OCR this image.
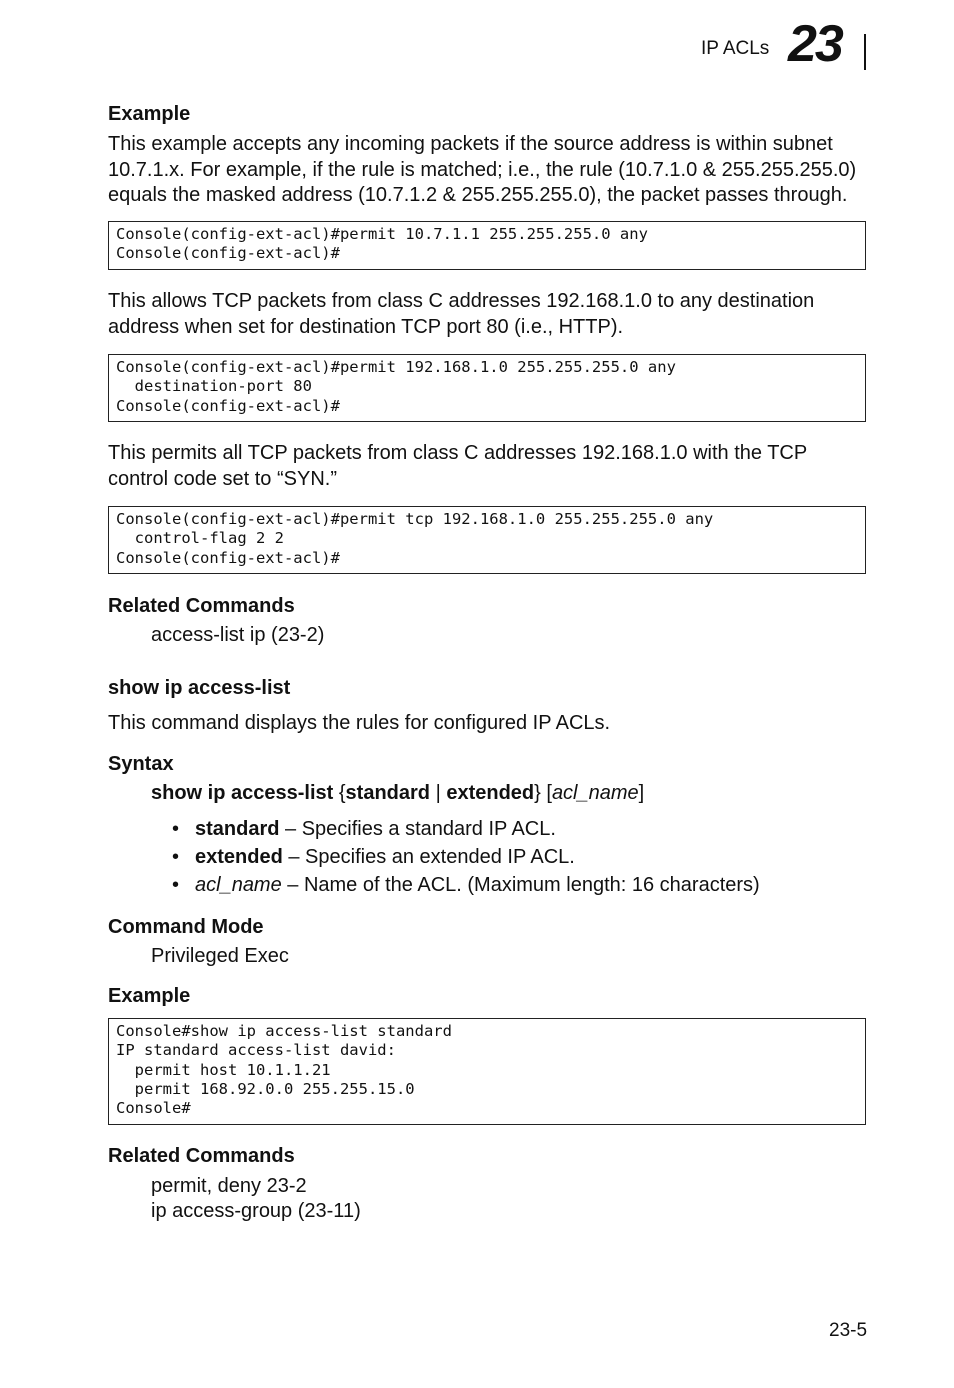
IP ACLs 23
Example
This example accepts any incoming packets if the source address is within subnet
10.7.1.x. For example, if the rule is matched; i.e., the rule (10.7.1.0 & 255.255.255.0)
equals the masked address (10.7.1.2 & 255.255.255.0), the packet passes through.
Console(config-ext-acl)#permit 10.7.1.1 255.255.255.0 any
Console(config-ext-acl)#
This allows TCP packets from class C addresses 192.168.1.0 to any destination
address when set for destination TCP port 80 (i.e., HTTP).
Console(config-ext-acl)#permit 192.168.1.0 255.255.255.0 any
destination-port 80
Console(config-ext-acl)#
This permits all TCP packets from class C addresses 192.168.1.0 with the TCP
control code set to “SYN.”
Console(config-ext-acl)#permit tcp 192.168.1.0 255.255.255.0 any
control-flag 2 2
Console(config-ext-acl)#
Related Commands
access-list ip (23-2)
show ip access-list
This command displays the rules for configured IP ACLs.
Syntax
show ip access-list {standard | extended} [acl_name]
• standard – Specifies a standard IP ACL.
• extended – Specifies an extended IP ACL.
• acl_name – Name of the ACL. (Maximum length: 16 characters)
Command Mode
Privileged Exec
Example
Console#show ip access-list standard
IP standard access-list david:
permit host 10.1.1.21
permit 168.92.0.0 255.255.15.0
Console#
Related Commands
permit, deny 23-2
ip access-group (23-11)
23-5
